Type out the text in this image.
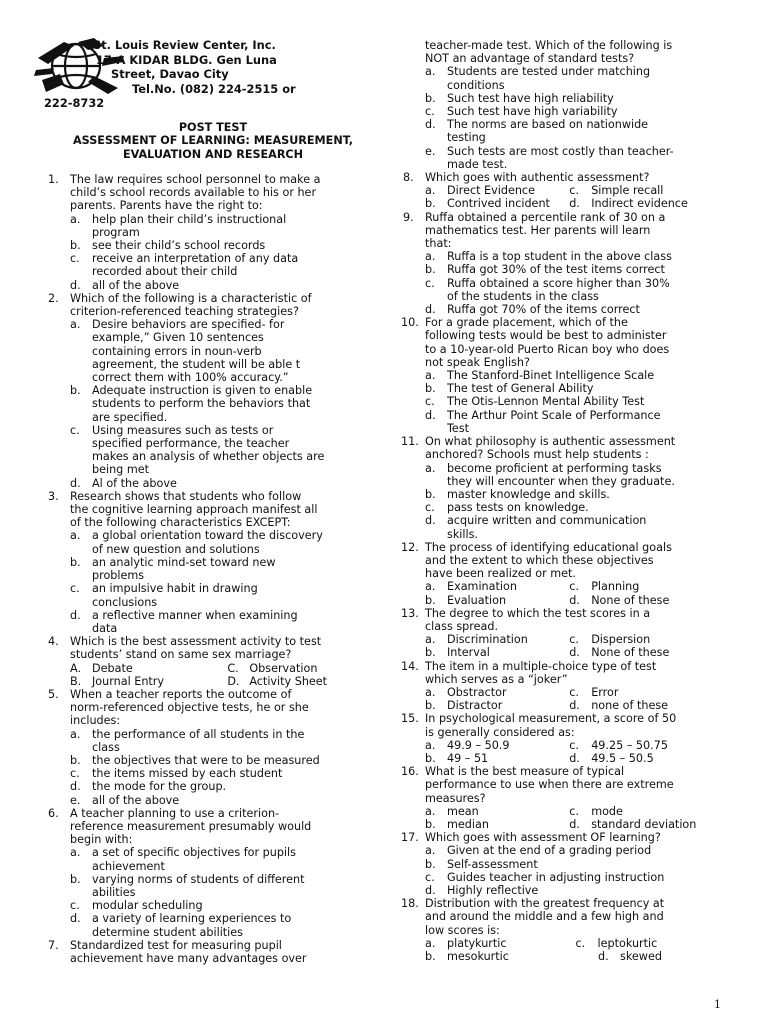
St. Louis Review Center, Inc.
17-A KIDAR BLDG. Gen Luna
Street, Davao City
Tel.No. (082) 224-2515 or
222-8732
POST TEST
ASSESSMENT OF LEARNING: MEASUREMENT,
EVALUATION AND RESEARCH
1.	The law requires school personnel to make a
child’s school records available to his or her
parents. Parents have the right to:
a. help plan their child’s instructional
program
b. see their child’s school records
c. receive an interpretation of any data
recorded about their child
d. all of the above
2.	Which of the following is a characteristic of
criterion-referenced teaching strategies?
a. Desire behaviors are specified- for
example,” Given 10 sentences
containing errors in noun-verb
agreement, the student will be able t
correct them with 100% accuracy.”
b. Adequate instruction is given to enable
students to perform the behaviors that
are specified.
c. Using measures such as tests or
specified performance, the teacher
makes an analysis of whether objects are
being met
d. Al of the above
3.	Research shows that students who follow
the cognitive learning approach manifest all
of the following characteristics EXCEPT:
a. a global orientation toward the discovery
of new question and solutions
b. an analytic mind-set toward new
problems
c. an impulsive habit in drawing
conclusions
d. a reflective manner when examining
data
4.	Which is the best assessment activity to test
students’ stand on same sex marriage?
A. Debate	C. Observation
B. Journal Entry	D. Activity Sheet
5.	When a teacher reports the outcome of
norm-referenced objective tests, he or she
includes:
a. the performance of all students in the
class
b. the objectives that were to be measured
c. the items missed by each student
d. the mode for the group.
e. all of the above
6.	A teacher planning to use a criterion-
reference measurement presumably would
begin with:
a. a set of specific objectives for pupils
achievement
b. varying norms of students of different
abilities
c. modular scheduling
d. a variety of learning experiences to
determine student abilities
7.	Standardized test for measuring pupil
achievement have many advantages over
teacher-made test. Which of the following is
NOT an advantage of standard tests?
a. Students are tested under matching
conditions
b. Such test have high reliability
c. Such test have high variability
d. The norms are based on nationwide
testing
e. Such tests are most costly than teacher-
made test.
8.	Which goes with authentic assessment?
a. Direct Evidence	c. Simple recall
b. Contrived incident	d. Indirect evidence
9.	Ruffa obtained a percentile rank of 30 on a
mathematics test. Her parents will learn
that:
a. Ruffa is a top student in the above class
b. Ruffa got 30% of the test items correct
c. Ruffa obtained a score higher than 30%
of the students in the class
d. Ruffa got 70% of the items correct
10. For a grade placement, which of the
following tests would be best to administer
to a 10-year-old Puerto Rican boy who does
not speak English?
a. The Stanford-Binet Intelligence Scale
b. The test of General Ability
c. The Otis-Lennon Mental Ability Test
d. The Arthur Point Scale of Performance
Test
11. On what philosophy is authentic assessment
anchored? Schools must help students :
a. become proficient at performing tasks
they will encounter when they graduate.
b. master knowledge and skills.
c. pass tests on knowledge.
d. acquire written and communication
skills.
12. The process of identifying educational goals
and the extent to which these objectives
have been realized or met.
a. Examination	c. Planning
b. Evaluation	d. None of these
13. The degree to which the test scores in a
class spread.
a. Discrimination	c. Dispersion
b. Interval	d. None of these
14. The item in a multiple-choice type of test
which serves as a “joker”
a. Obstractor	c. Error
b. Distractor	d. none of these
15. In psychological measurement, a score of 50
is generally considered as:
a. 49.9 – 50.9	c. 49.25 – 50.75
b. 49 – 51	d. 49.5 – 50.5
16. What is the best measure of typical
performance to use when there are extreme
measures?
a. mean	c. mode
b. median	d. standard deviation
17. Which goes with assessment OF learning?
a. Given at the end of a grading period
b. Self-assessment
c. Guides teacher in adjusting instruction
d. Highly reflective
18. Distribution with the greatest frequency at
and around the middle and a few high and
low scores is:
a. platykurtic	c. leptokurtic
b. mesokurtic	d. skewed
1
